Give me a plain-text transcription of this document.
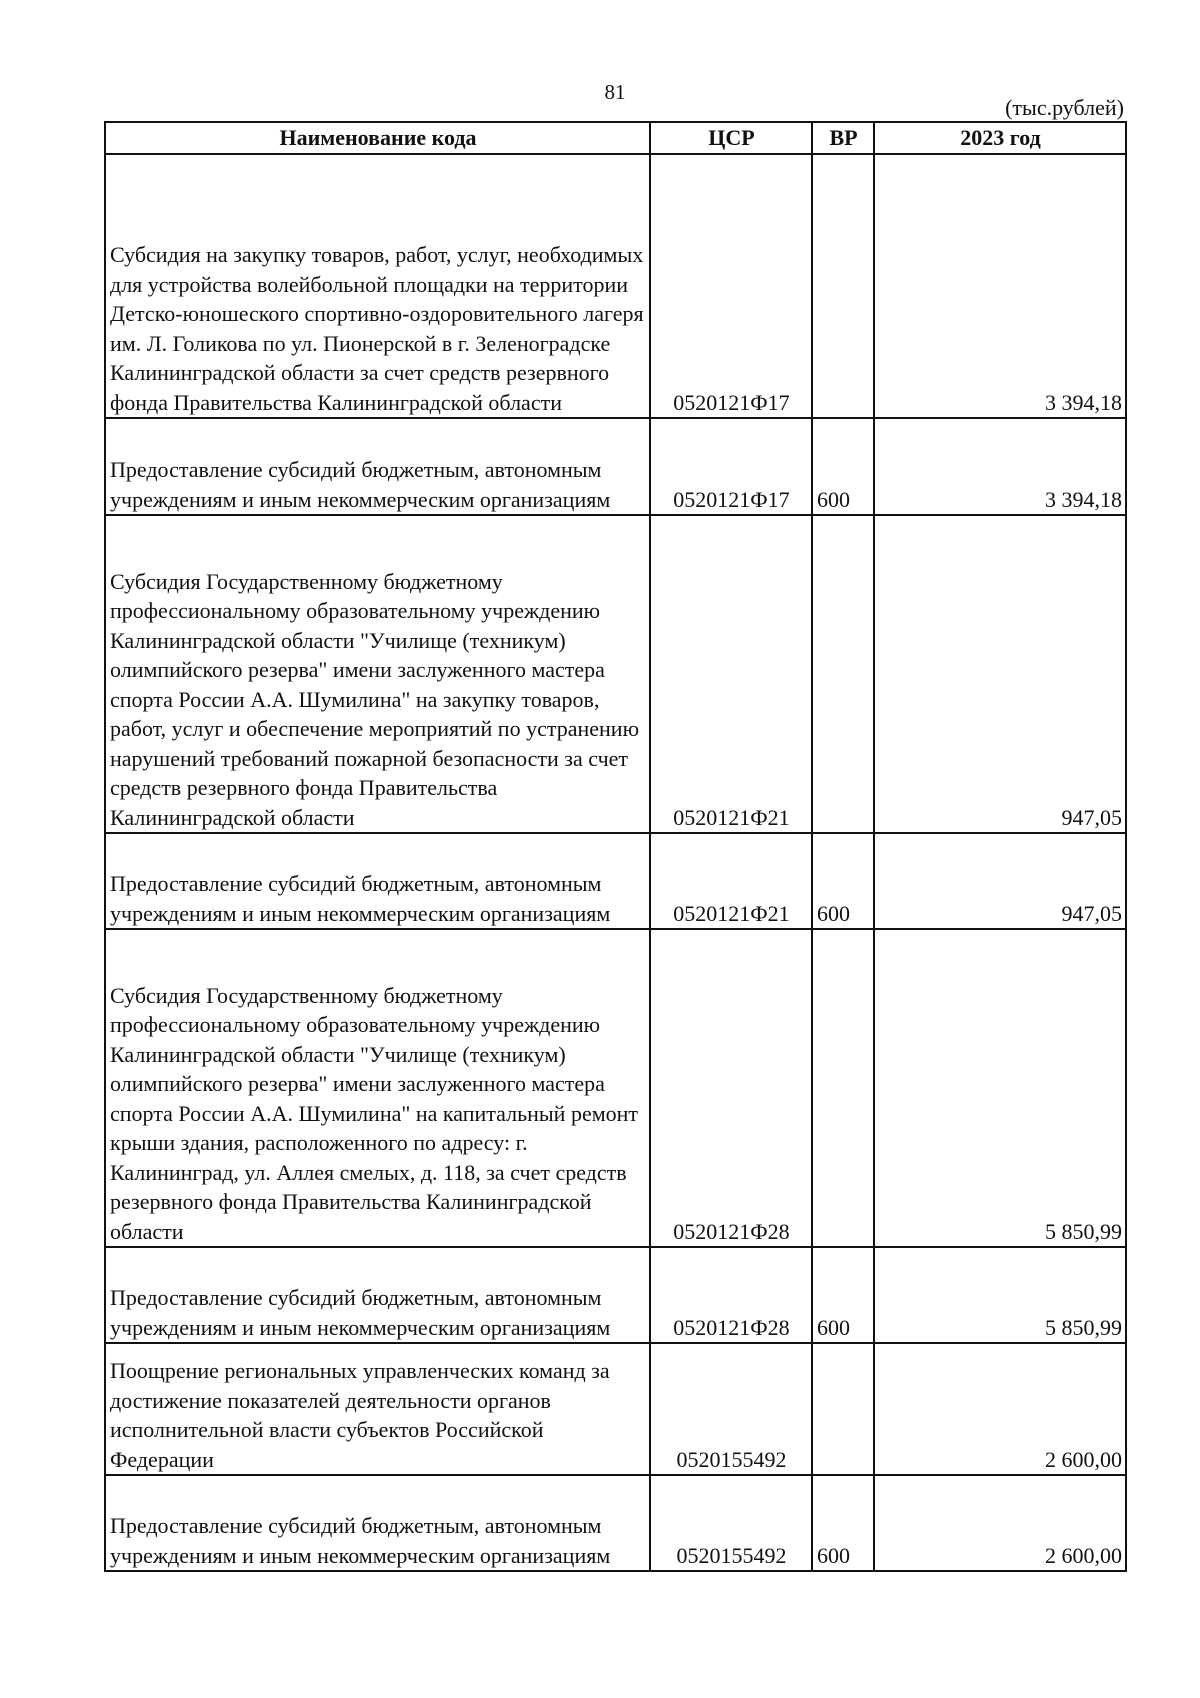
81
(тыс.рублей)
Наименование кода	ЦСР	ВР	2023 год
Субсидия на закупку товаров, работ, услуг, необходимых для устройства волейбольной площадки на территории Детско-юношеского спортивно-оздоровительного лагеря им. Л. Голикова по ул. Пионерской в г. Зеленоградске Калининградской области за счет средств резервного фонда Правительства Калининградской области	0520121Ф17		3 394,18
Предоставление субсидий бюджетным, автономным учреждениям и иным некоммерческим организациям	0520121Ф17	600	3 394,18
Субсидия Государственному бюджетному профессиональному образовательному учреждению Калининградской области "Училище (техникум) олимпийского резерва" имени заслуженного мастера спорта России А.А. Шумилина" на закупку товаров, работ, услуг и обеспечение мероприятий по устранению нарушений требований пожарной безопасности за счет средств резервного фонда Правительства Калининградской области	0520121Ф21		947,05
Предоставление субсидий бюджетным, автономным учреждениям и иным некоммерческим организациям	0520121Ф21	600	947,05
Субсидия Государственному бюджетному профессиональному образовательному учреждению Калининградской области "Училище (техникум) олимпийского резерва" имени заслуженного мастера спорта России А.А. Шумилина" на капитальный ремонт крыши здания, расположенного по адресу: г. Калининград, ул. Аллея смелых, д. 118, за счет средств резервного фонда Правительства Калининградской области	0520121Ф28		5 850,99
Предоставление субсидий бюджетным, автономным учреждениям и иным некоммерческим организациям	0520121Ф28	600	5 850,99
Поощрение региональных управленческих команд за достижение показателей деятельности органов исполнительной власти субъектов Российской Федерации	0520155492		2 600,00
Предоставление субсидий бюджетным, автономным учреждениям и иным некоммерческим организациям	0520155492	600	2 600,00
